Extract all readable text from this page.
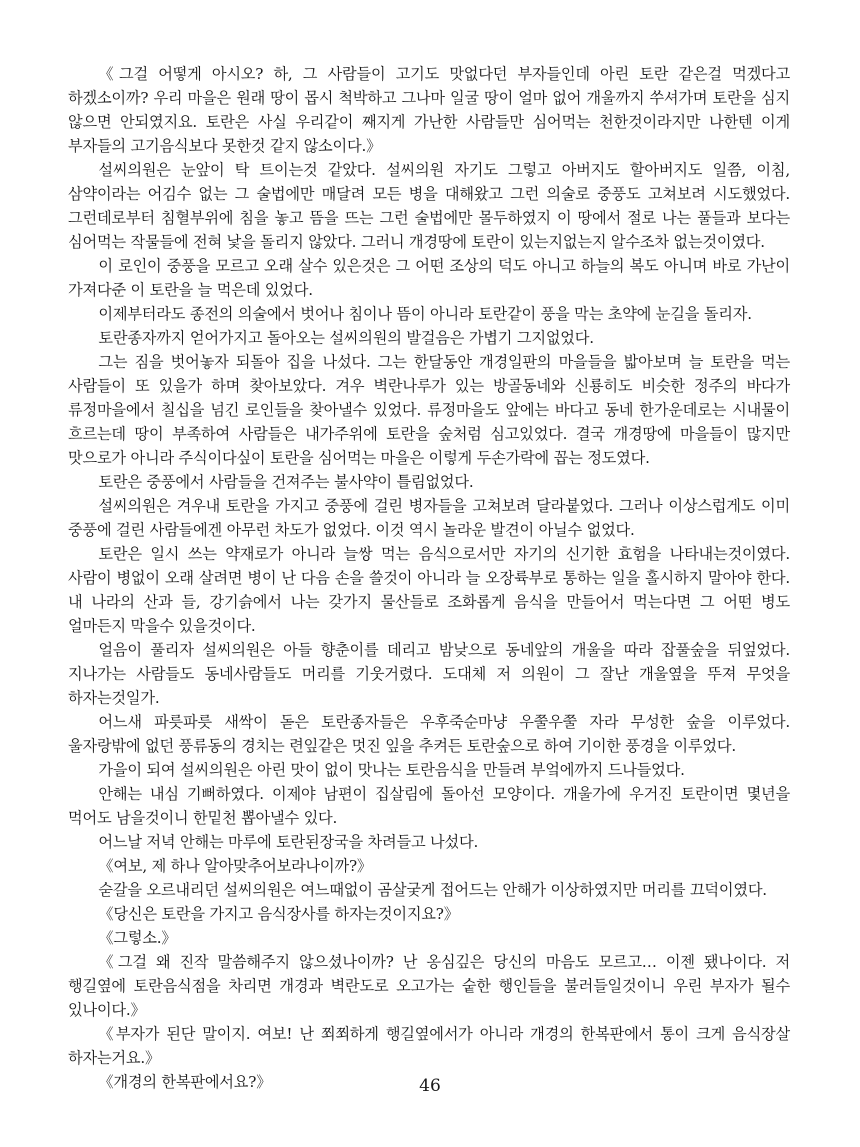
《그걸 어떻게 아시오? 하, 그 사람들이 고기도 맛없다던 부자들인데 아린 토란 같은걸 먹겠다고 하겠소이까? 우리 마을은 원래 땅이 몹시 척박하고 그나마 일굴 땅이 얼마 없어 개울까지 쑤셔가며 토란을 심지 않으면 안되였지요. 토란은 사실 우리같이 째지게 가난한 사람들만 심어먹는 천한것이라지만 나한텐 이게 부자들의 고기음식보다 못한것 같지 않소이다.》

설씨의원은 눈앞이 탁 트이는것 같았다. 설씨의원 자기도 그렇고 아버지도 할아버지도 일쯤, 이침, 삼약이라는 어김수 없는 그 술법에만 매달려 모든 병을 대해왔고 그런 의술로 중풍도 고쳐보려 시도했었다. 그런데로부터 침혈부위에 침을 놓고 뜸을 뜨는 그런 술법에만 몰두하였지 이 땅에서 절로 나는 풀들과 보다는 심어먹는 작물들에 전혀 낯을 돌리지 않았다. 그러니 개경땅에 토란이 있는지없는지 알수조차 없는것이였다.

이 로인이 중풍을 모르고 오래 살수 있은것은 그 어떤 조상의 덕도 아니고 하늘의 복도 아니며 바로 가난이 가져다준 이 토란을 늘 먹은데 있었다.

이제부터라도 종전의 의술에서 벗어나 침이나 뜸이 아니라 토란같이 풍을 막는 초약에 눈길을 돌리자.

토란종자까지 얻어가지고 돌아오는 설씨의원의 발걸음은 가볍기 그지없었다.

그는 짐을 벗어놓자 되돌아 집을 나섰다. 그는 한달동안 개경일판의 마을들을 밟아보며 늘 토란을 먹는 사람들이 또 있을가 하며 찾아보았다. 겨우 벽란나루가 있는 방골동네와 신룡히도 비슷한 정주의 바다가 류정마을에서 칠십을 넘긴 로인들을 찾아낼수 있었다. 류정마을도 앞에는 바다고 동네 한가운데로는 시내물이 흐르는데 땅이 부족하여 사람들은 내가주위에 토란을 숲처럼 심고있었다. 결국 개경땅에 마을들이 많지만 맛으로가 아니라 주식이다싶이 토란을 심어먹는 마을은 이렇게 두손가락에 꼽는 정도였다.

토란은 중풍에서 사람들을 건져주는 불사약이 틀림없었다.

설씨의원은 겨우내 토란을 가지고 중풍에 걸린 병자들을 고쳐보려 달라붙었다. 그러나 이상스럽게도 이미 중풍에 걸린 사람들에겐 아무런 차도가 없었다. 이것 역시 놀라운 발견이 아닐수 없었다.

토란은 일시 쓰는 약재로가 아니라 늘쌍 먹는 음식으로서만 자기의 신기한 효험을 나타내는것이였다. 사람이 병없이 오래 살려면 병이 난 다음 손을 쓸것이 아니라 늘 오장륙부로 통하는 일을 홀시하지 말아야 한다. 내 나라의 산과 들, 강기슭에서 나는 갖가지 물산들로 조화롭게 음식을 만들어서 먹는다면 그 어떤 병도 얼마든지 막을수 있을것이다.

얼음이 풀리자 설씨의원은 아들 향춘이를 데리고 밤낮으로 동네앞의 개울을 따라 잡풀숲을 뒤엎었다. 지나가는 사람들도 동네사람들도 머리를 기웃거렸다. 도대체 저 의원이 그 잘난 개울옆을 뚜져 무엇을 하자는것일가.

어느새 파릇파릇 새싹이 돋은 토란종자들은 우후죽순마냥 우쭐우쭐 자라 무성한 숲을 이루었다. 울자랑밖에 없던 풍류동의 경치는 련잎같은 멋진 잎을 추켜든 토란숲으로 하여 기이한 풍경을 이루었다.

가을이 되여 설씨의원은 아린 맛이 없이 맛나는 토란음식을 만들려 부엌에까지 드나들었다.

안해는 내심 기뻐하였다. 이제야 남편이 집살림에 돌아선 모양이다. 개울가에 우거진 토란이면 몇년을 먹어도 남을것이니 한밑천 뽑아낼수 있다.

어느날 저녁 안해는 마루에 토란된장국을 차려들고 나섰다.

《여보, 제 하나 알아맞추어보라나이까?》

숟갈을 오르내리던 설씨의원은 여느때없이 곰살궂게 접어드는 안해가 이상하였지만 머리를 끄덕이였다.

《당신은 토란을 가지고 음식장사를 하자는것이지요?》

《그렇소.》

《그걸 왜 진작 말씀해주지 않으셨나이까? 난 옹심깊은 당신의 마음도 모르고… 이젠 됐나이다. 저 행길옆에 토란음식점을 차리면 개경과 벽란도로 오고가는 숱한 행인들을 불러들일것이니 우린 부자가 될수 있나이다.》

《부자가 된단 말이지. 여보! 난 쬐쬐하게 행길옆에서가 아니라 개경의 한복판에서 통이 크게 음식장살 하자는거요.》

《개경의 한복판에서요?》	46
